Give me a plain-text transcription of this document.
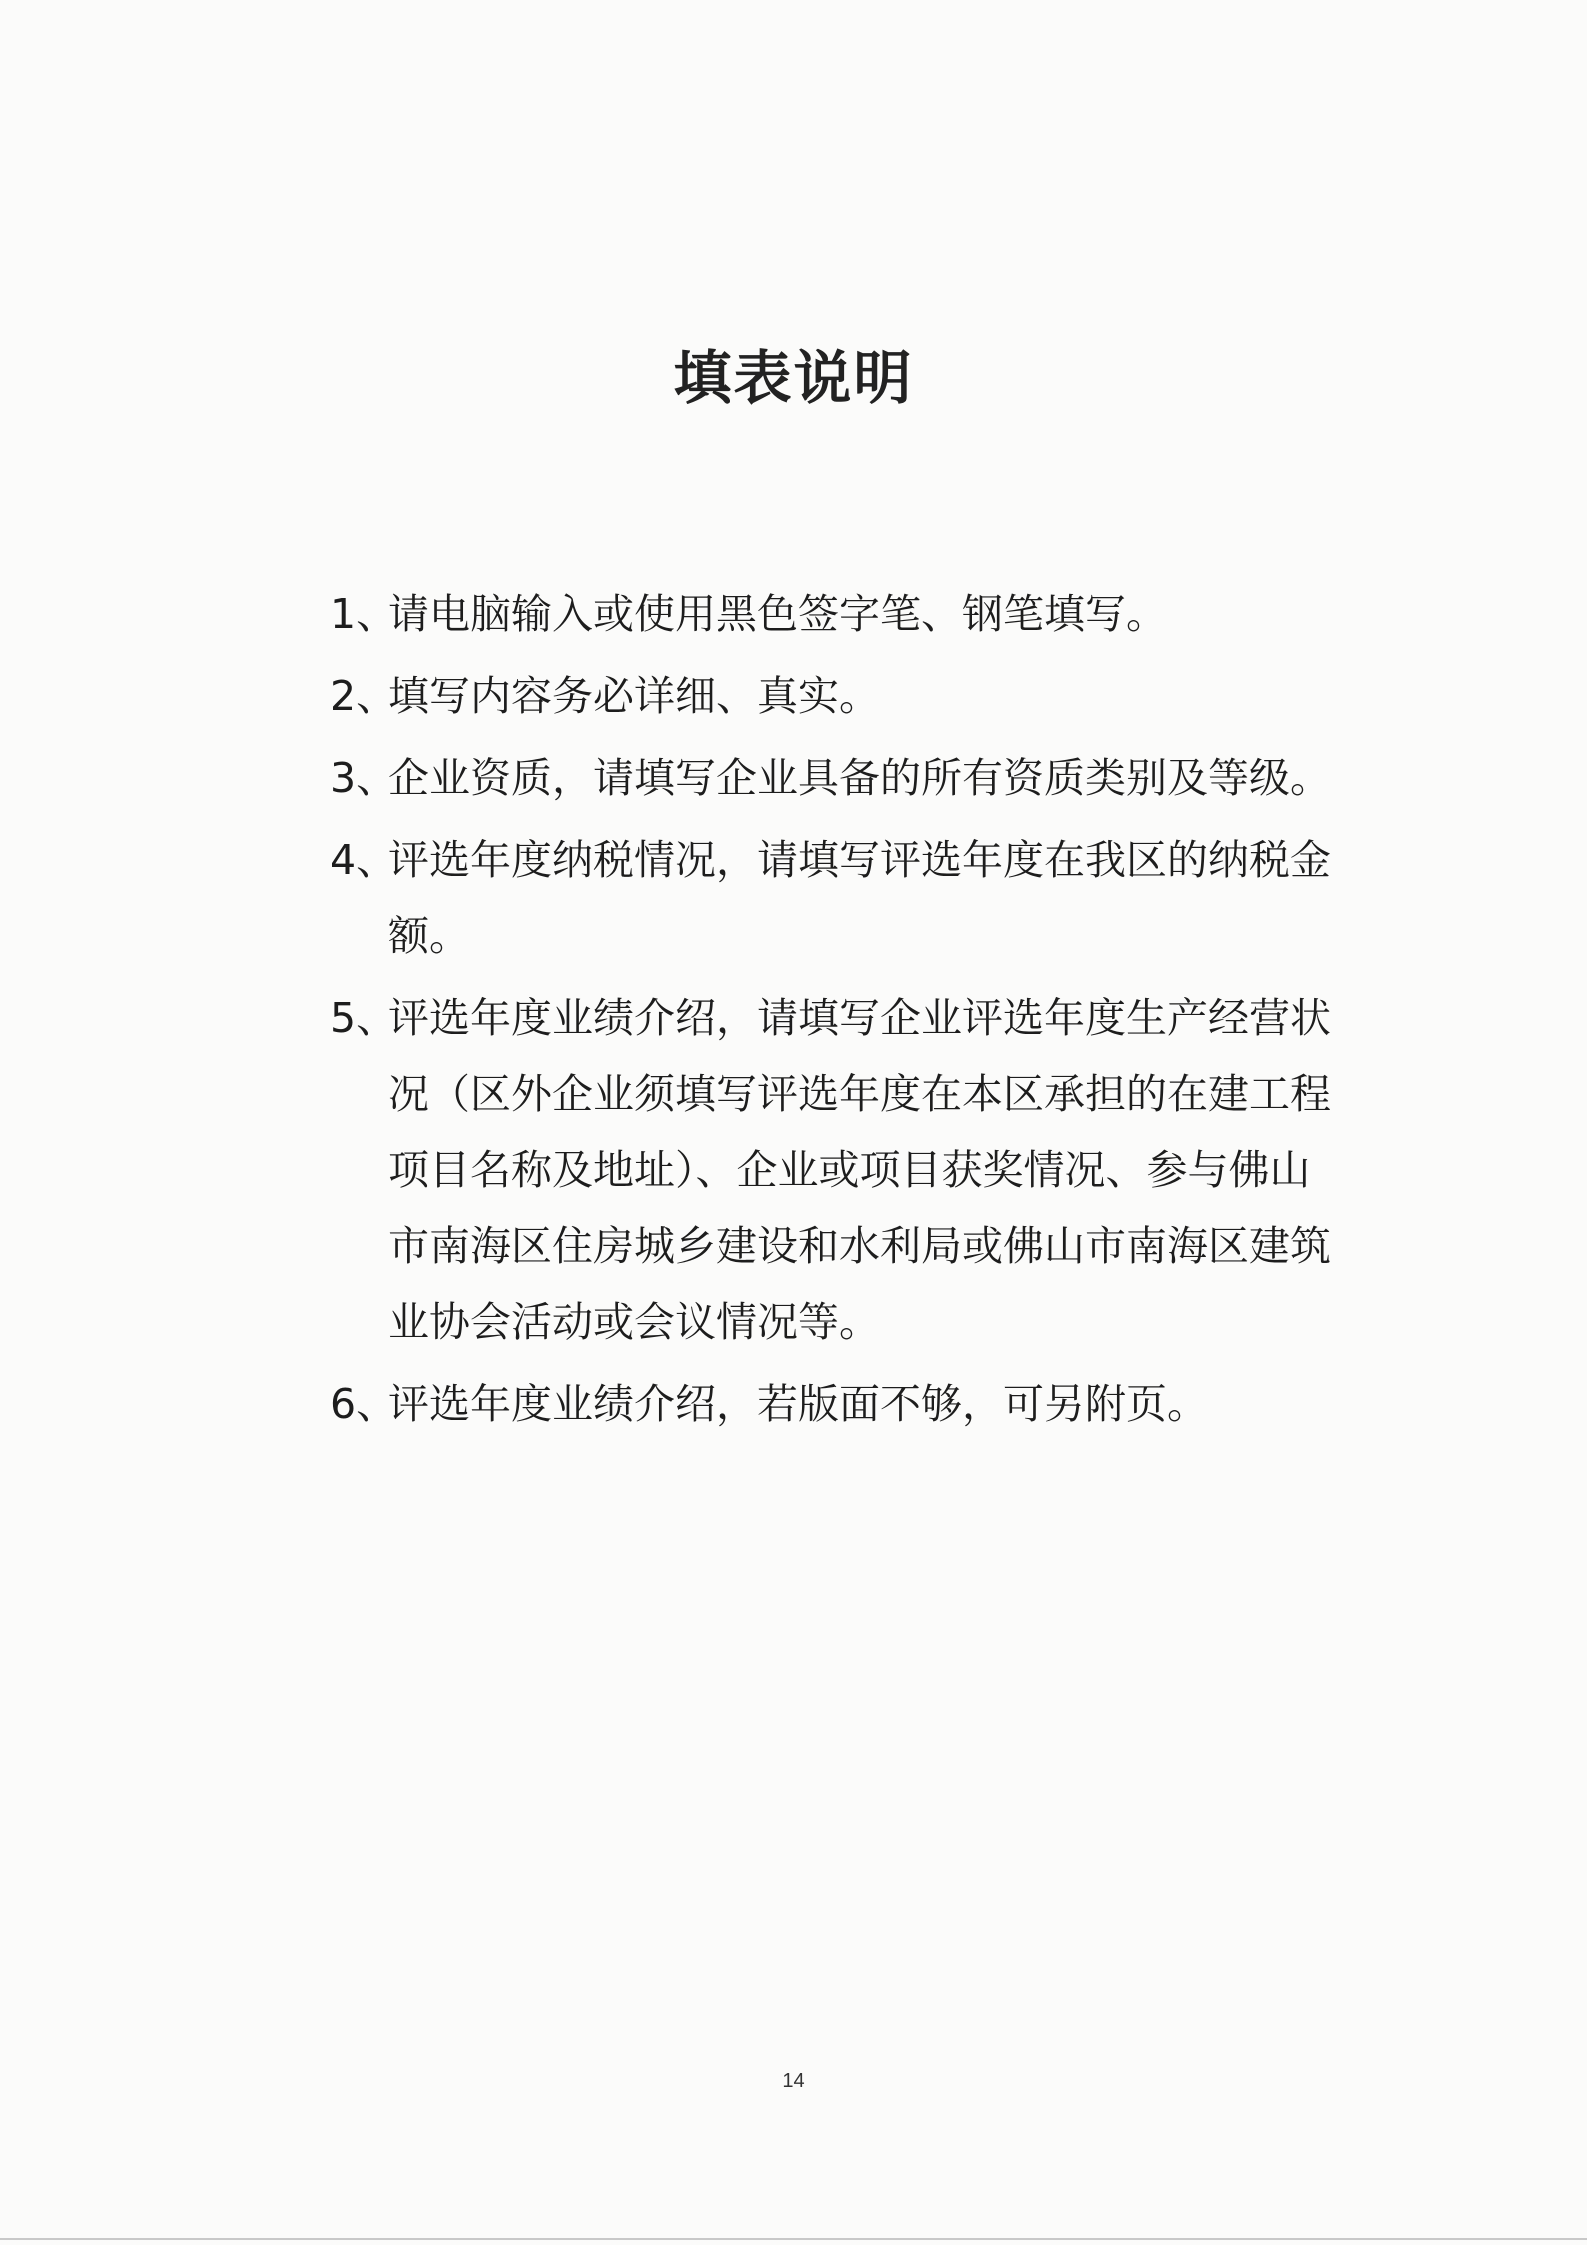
填表说明
1、
请电脑输入或使用黑色签字笔、钢笔填写。
2、
填写内容务必详细、真实。
3、
企业资质，请填写企业具备的所有资质类别及等级。
4、
评选年度纳税情况，请填写评选年度在我区的纳税金额。
5、
评选年度业绩介绍，请填写企业评选年度生产经营状况（区外企业须填写评选年度在本区承担的在建工程项目名称及地址）、企业或项目获奖情况、参与佛山市南海区住房城乡建设和水利局或佛山市南海区建筑业协会活动或会议情况等。
6、
评选年度业绩介绍，若版面不够，可另附页。
14
